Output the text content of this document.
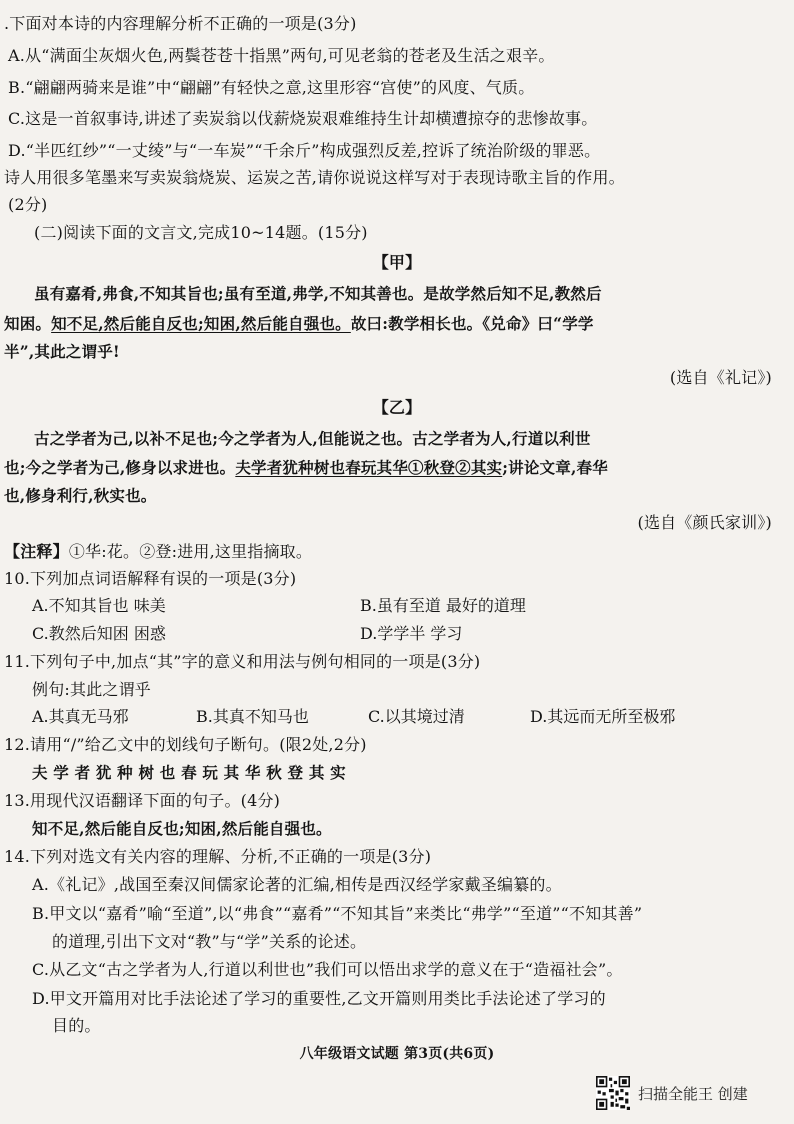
.下面对本诗的内容理解分析不正确的一项是(3分)
A.从“满面尘灰烟火色,两鬓苍苍十指黑”两句,可见老翁的苍老及生活之艰辛。
B.“翩翩两骑来是谁”中“翩翩”有轻快之意,这里形容“宫使”的风度、气质。
C.这是一首叙事诗,讲述了卖炭翁以伐薪烧炭艰难维持生计却横遭掠夺的悲惨故事。
D.“半匹红纱”“一丈绫”与“一车炭”“千余斤”构成强烈反差,控诉了统治阶级的罪恶。
诗人用很多笔墨来写卖炭翁烧炭、运炭之苦,请你说说这样写对于表现诗歌主旨的作用。
(2分)
(二)阅读下面的文言文,完成10~14题。(15分)
【甲】
虽有嘉肴,弗食,不知其旨也;虽有至道,弗学,不知其善也。是故学然后知不足,教然后
知困。知不足,然后能自反也;知困,然后能自强也。故曰:教学相长也。《兑命》曰“学学
半”,其此之谓乎!
(选自《礼记》)
【乙】
古之学者为己,以补不足也;今之学者为人,但能说之也。古之学者为人,行道以利世
也;今之学者为己,修身以求进也。夫学者犹种树也春玩其华①秋登②其实;讲论文章,春华
也,修身利行,秋实也。
(选自《颜氏家训》)
【注释】①华:花。②登:进用,这里指摘取。
10.下列加点词语解释有误的一项是(3分)
A.不知其旨也 味美	B.虽有至道 最好的道理
C.教然后知困 困惑	D.学学半 学习
11.下列句子中,加点“其”字的意义和用法与例句相同的一项是(3分)
例句:其此之谓乎
A.其真无马邪	B.其真不知马也	C.以其境过清	D.其远而无所至极邪
12.请用“/”给乙文中的划线句子断句。(限2处,2分)
夫 学 者 犹 种 树 也 春 玩 其 华 秋 登 其 实
13.用现代汉语翻译下面的句子。(4分)
知不足,然后能自反也;知困,然后能自强也。
14.下列对选文有关内容的理解、分析,不正确的一项是(3分)
A.《礼记》,战国至秦汉间儒家论著的汇编,相传是西汉经学家戴圣编纂的。
B.甲文以“嘉肴”喻“至道”,以“弗食”“嘉肴”“不知其旨”来类比“弗学”“至道”“不知其善”
的道理,引出下文对“教”与“学”关系的论述。
C.从乙文“古之学者为人,行道以利世也”我们可以悟出求学的意义在于“造福社会”。
D.甲文开篇用对比手法论述了学习的重要性,乙文开篇则用类比手法论述了学习的
目的。
八年级语文试题 第3页(共6页)
扫描全能王 创建
